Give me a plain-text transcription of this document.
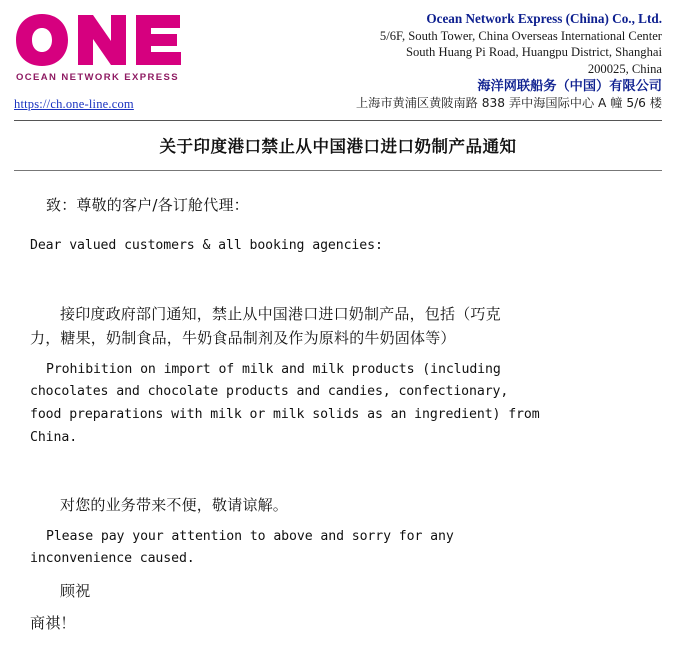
OCEAN NETWORK EXPRESS
https://ch.one-line.com
Ocean Network Express (China) Co., Ltd.
5/6F, South Tower, China Overseas International Center
South Huang Pi Road, Huangpu District, Shanghai
200025, China
海洋网联船务（中国）有限公司
上海市黄浦区黄陂南路 838 弄中海国际中心 A 幢 5/6 楼
关于印度港口禁止从中国港口进口奶制产品通知

致：尊敬的客户/各订舱代理：

Dear valued customers & all booking agencies:

接印度政府部门通知，禁止从中国港口进口奶制产品，包括（巧克

力，糖果，奶制食品，牛奶食品制剂及作为原料的牛奶固体等）

Prohibition on import of milk and milk products (including

chocolates and chocolate products and candies, confectionary,

food preparations with milk or milk solids as an ingredient) from

China.

对您的业务带来不便，敬请谅解。

Please pay your attention to above and sorry for any

inconvenience caused.

顾祝

商祺！
